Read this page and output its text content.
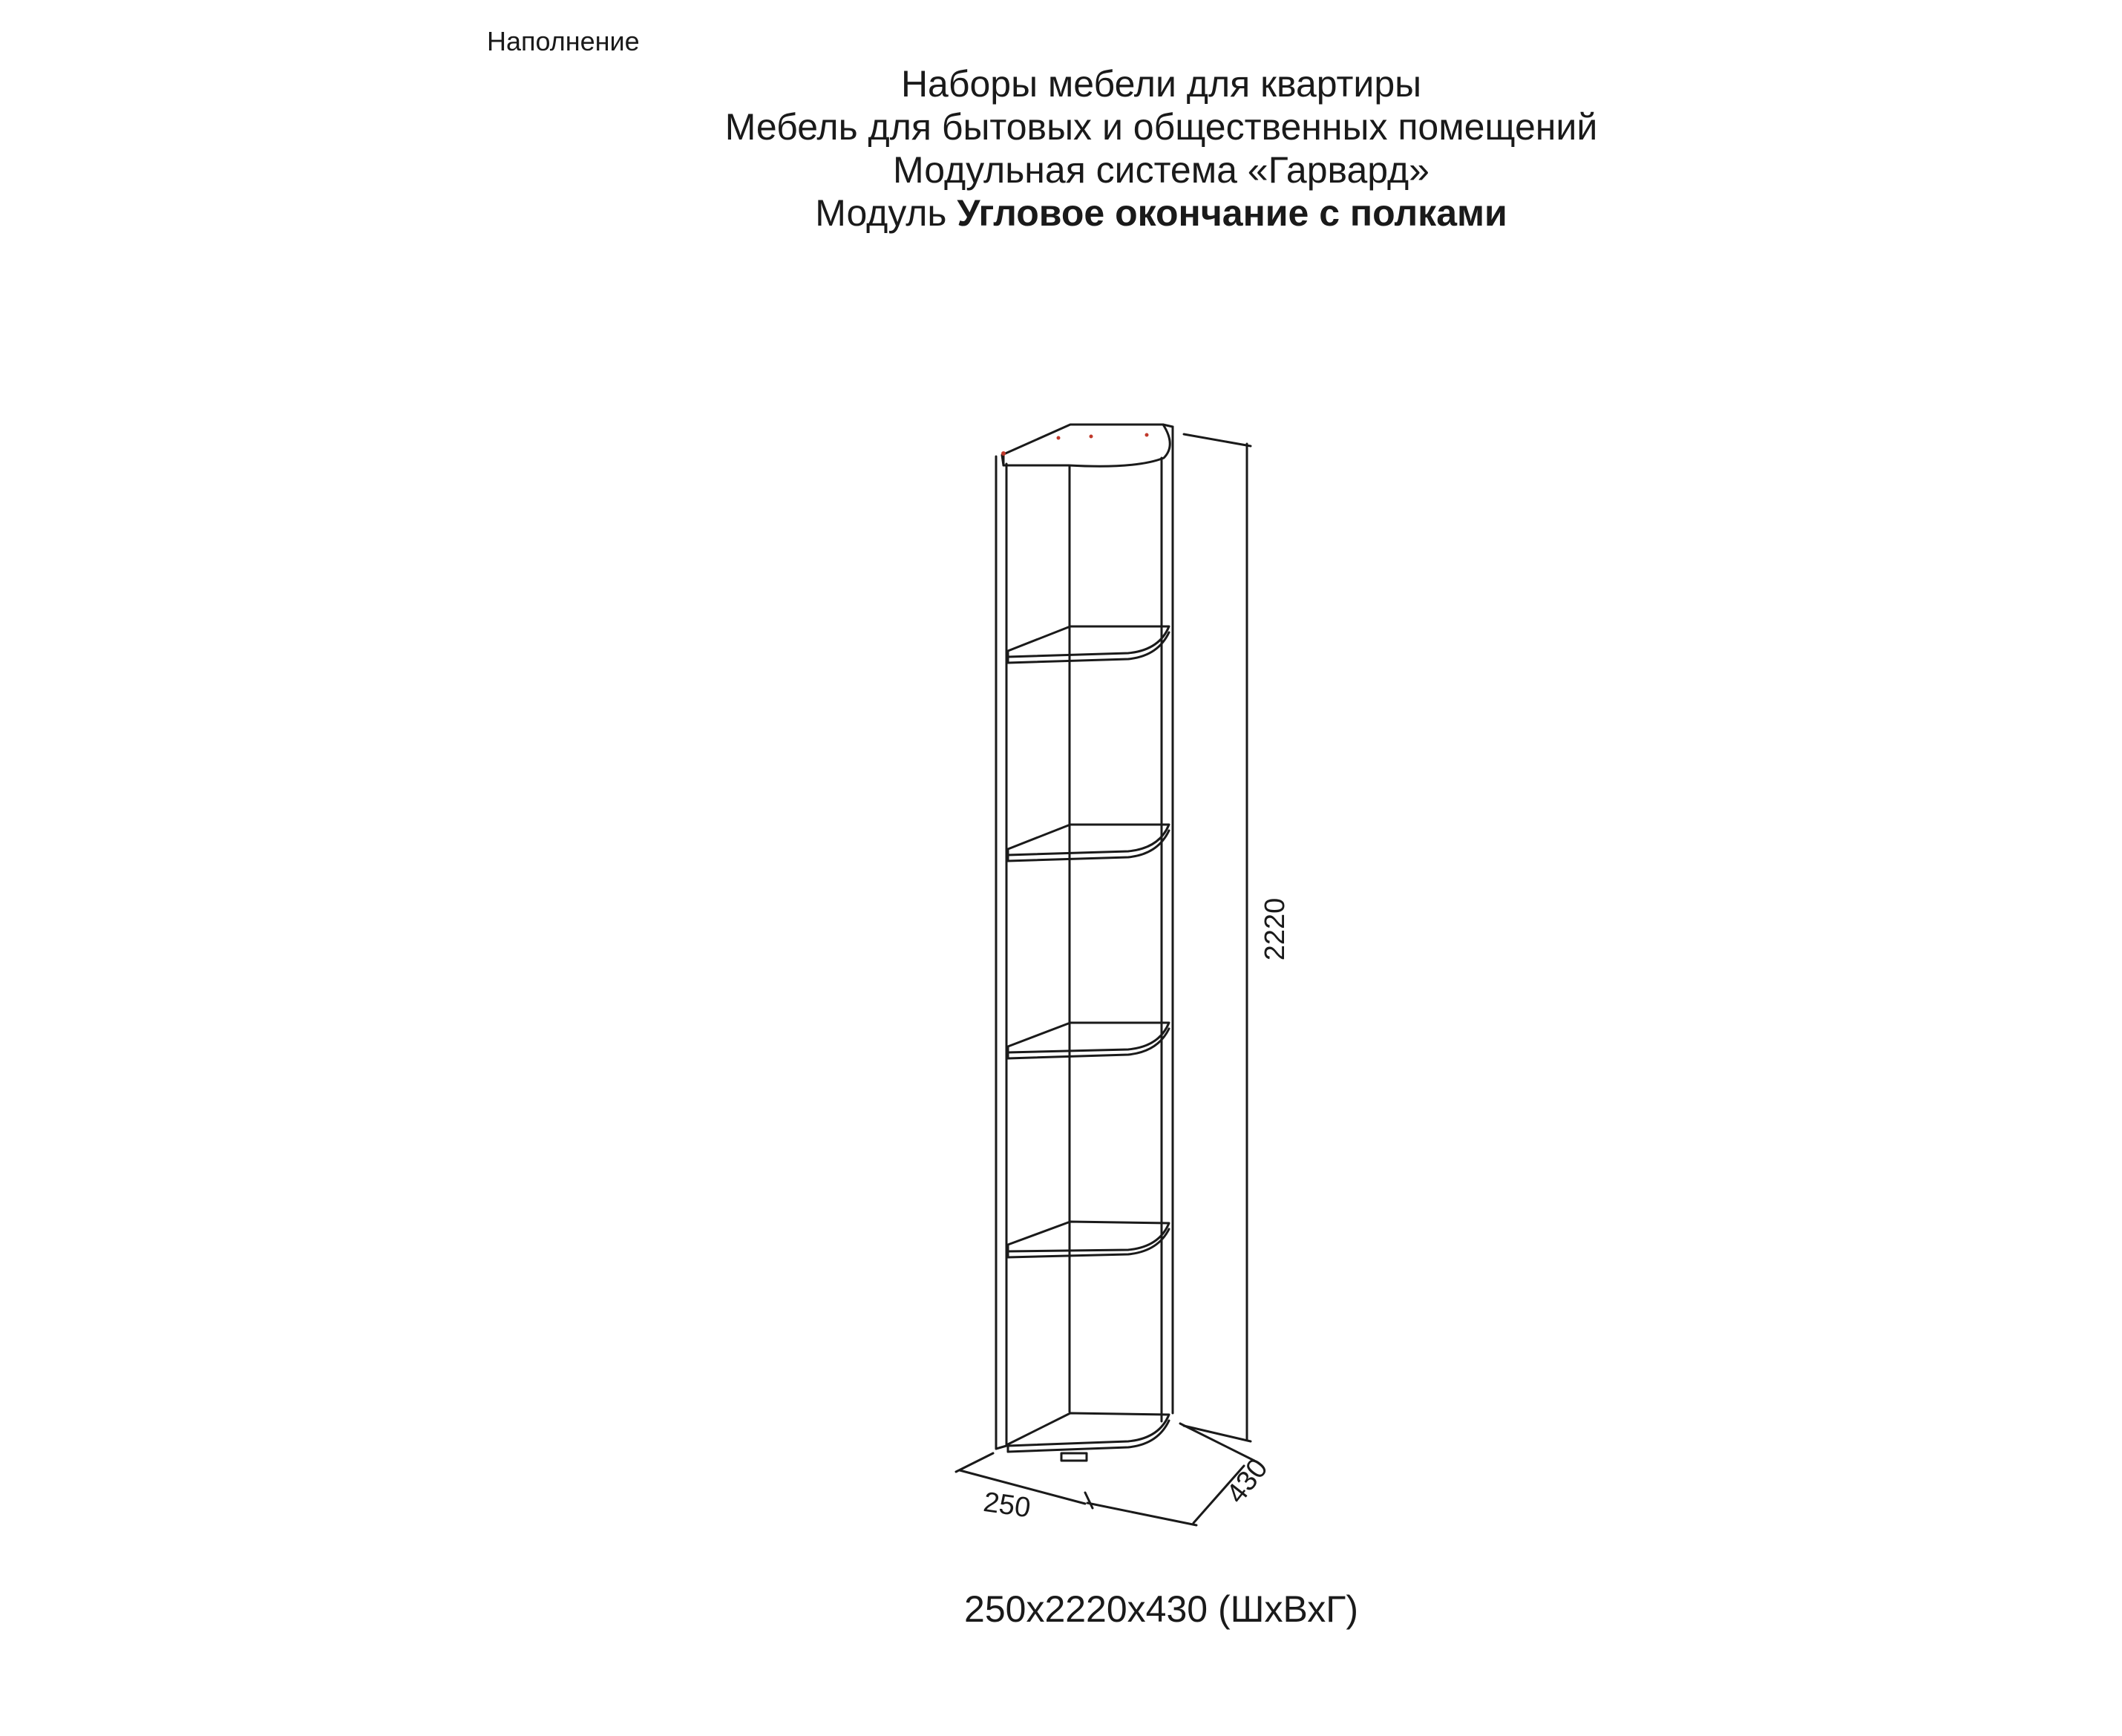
Наполнение
Наборы мебели для квартиры
Мебель для бытовых и общественных помещений
Модульная система «Гарвард»
Модуль Угловое окончание с полками
2220
250	430
250x2220x430 (ШхВхГ)
